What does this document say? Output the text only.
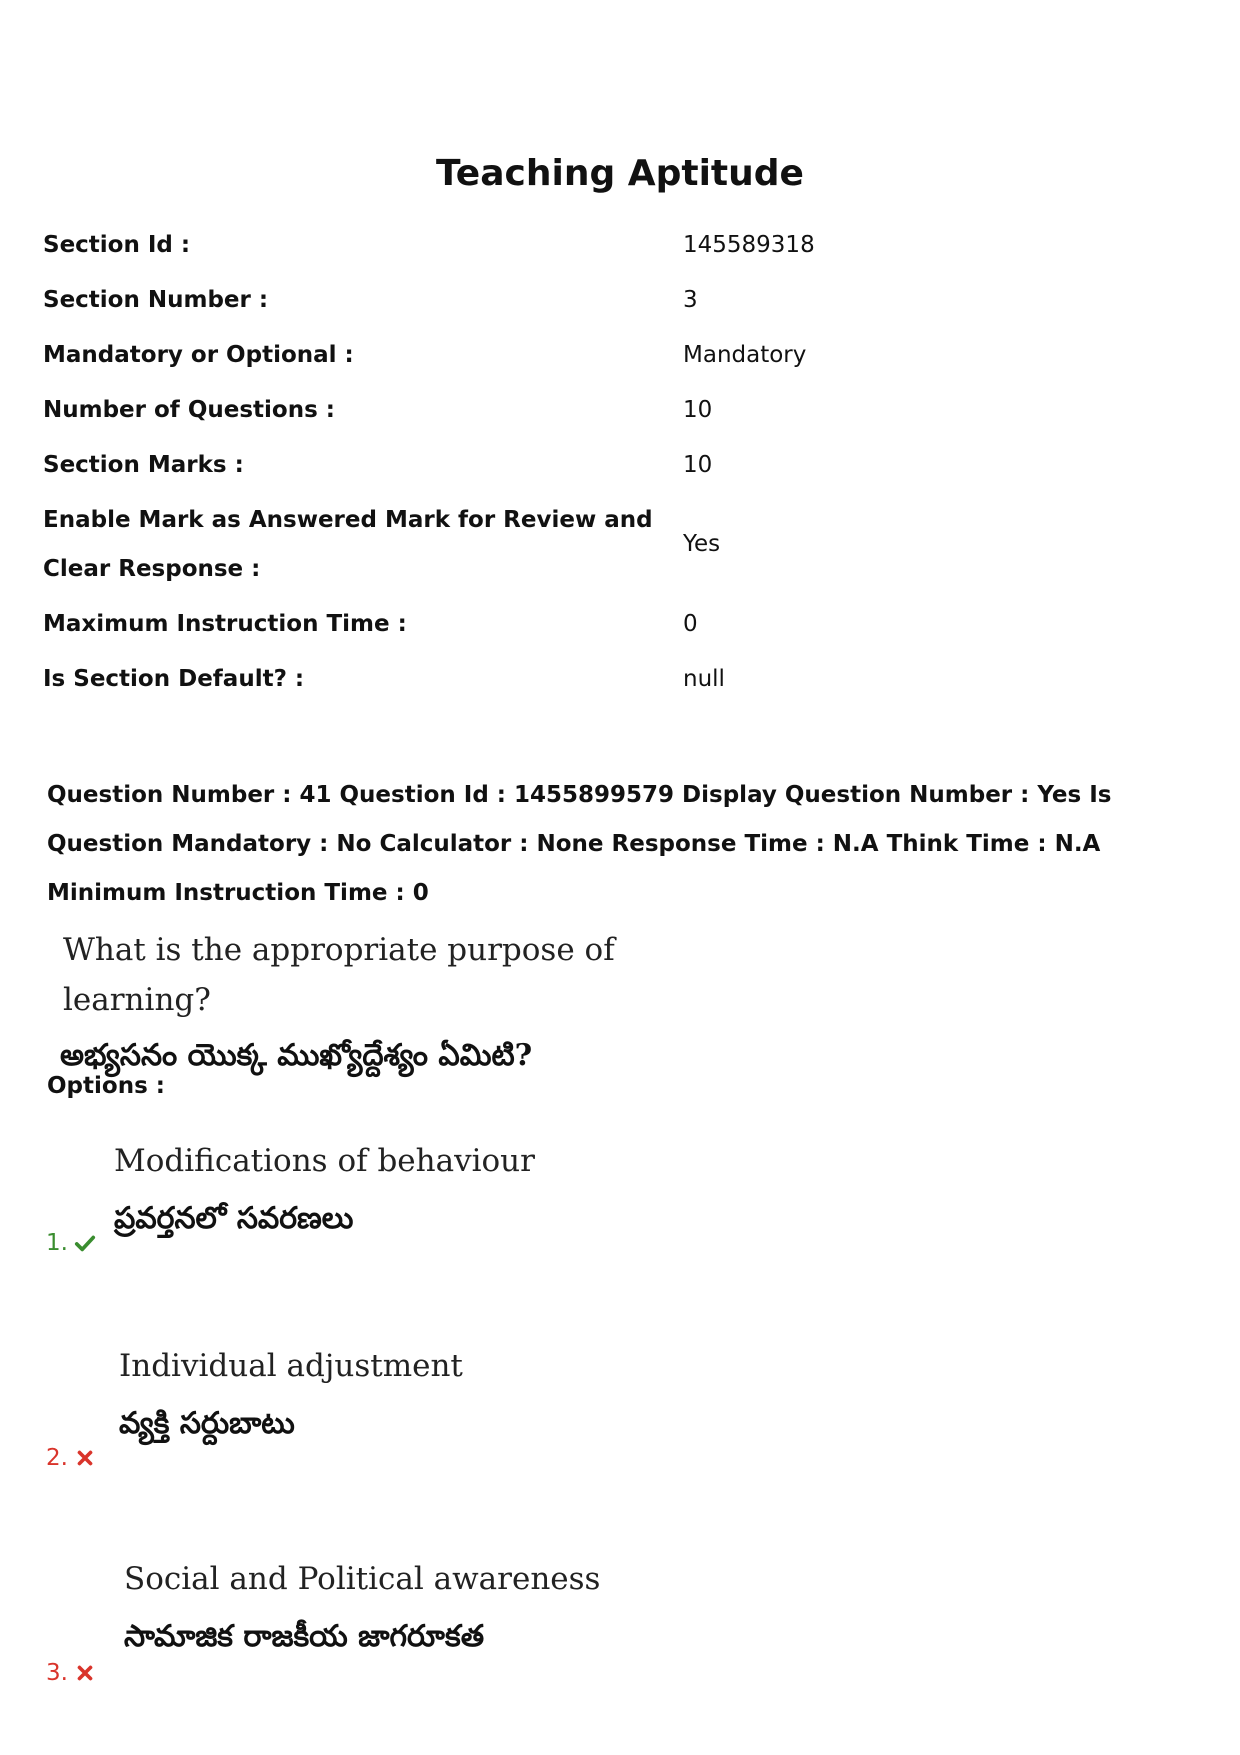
Teaching Aptitude
Section Id :	145589318
Section Number :	3
Mandatory or Optional :	Mandatory
Number of Questions :	10
Section Marks :	10
Enable Mark as Answered Mark for Review and
Clear Response :
Yes
Maximum Instruction Time :	0
Is Section Default? :	null
Question Number : 41 Question Id : 1455899579 Display Question Number : Yes Is Question Mandatory : No Calculator : None Response Time : N.A Think Time : N.A Minimum Instruction Time : 0
What is the appropriate purpose of learning?
అభ్యసనం యొక్క ముఖ్యోద్దేశ్యం ఏమిటి?
Options :
Modifications of behaviour
ప్రవర్తనలో సవరణలు
1.
Individual adjustment
వ్యక్తి సర్దుబాటు
2.
Social and Political awareness
సామాజిక రాజకీయ జాగరూకత
3.
